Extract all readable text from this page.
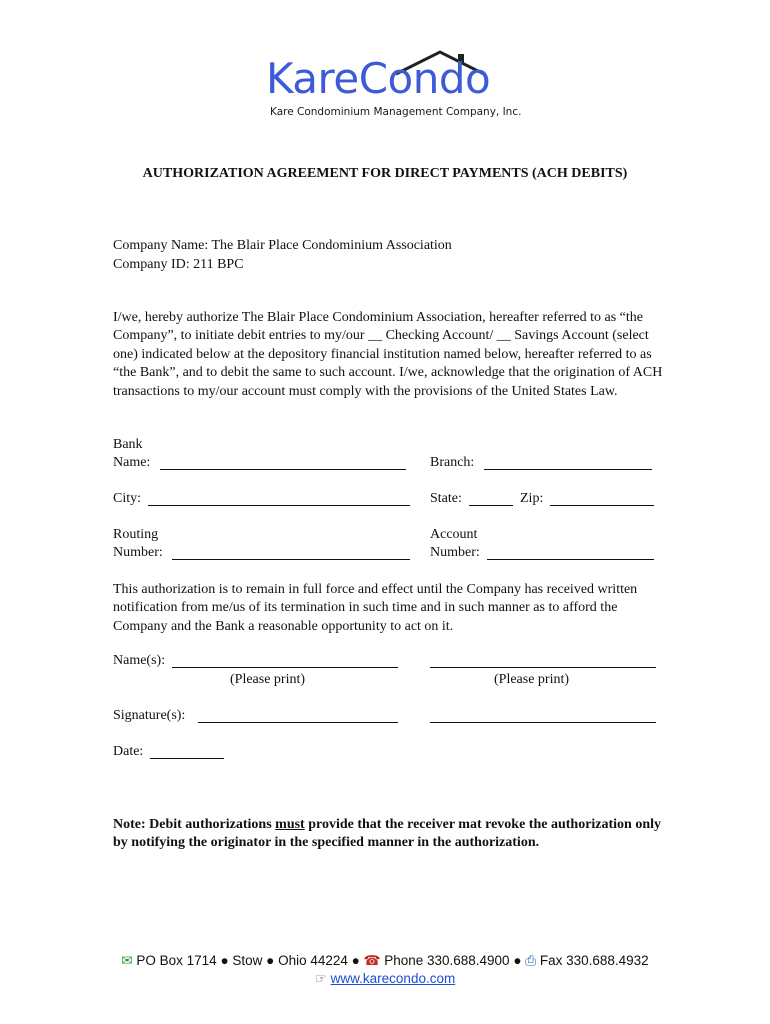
KareCondo
Kare Condominium Management Company, Inc.
AUTHORIZATION AGREEMENT FOR DIRECT PAYMENTS (ACH DEBITS)
Company Name: The Blair Place Condominium Association
Company ID: 211 BPC
I/we, hereby authorize The Blair Place Condominium Association, hereafter referred to as “the Company”, to initiate debit entries to my/our __ Checking Account/ __ Savings Account (select one) indicated below at the depository financial institution named below, hereafter referred to as “the Bank”, and to debit the same to such account. I/we, acknowledge that the origination of ACH transactions to my/our account must comply with the provisions of the United States Law.
Bank
Name:	Branch:
City:	State:	Zip:
Routing
Number:
Account
Number:
This authorization is to remain in full force and effect until the Company has received written notification from me/us of its termination in such time and in such manner as to afford the Company and the Bank a reasonable opportunity to act on it.
Name(s):
(Please print)	(Please print)
Signature(s):
Date:
Note: Debit authorizations must provide that the receiver mat revoke the authorization only by notifying the originator in the specified manner in the authorization.
✉ PO Box 1714 ● Stow ● Ohio 44224 ● ☎ Phone 330.688.4900 ● ⎙ Fax 330.688.4932
☞ www.karecondo.com
